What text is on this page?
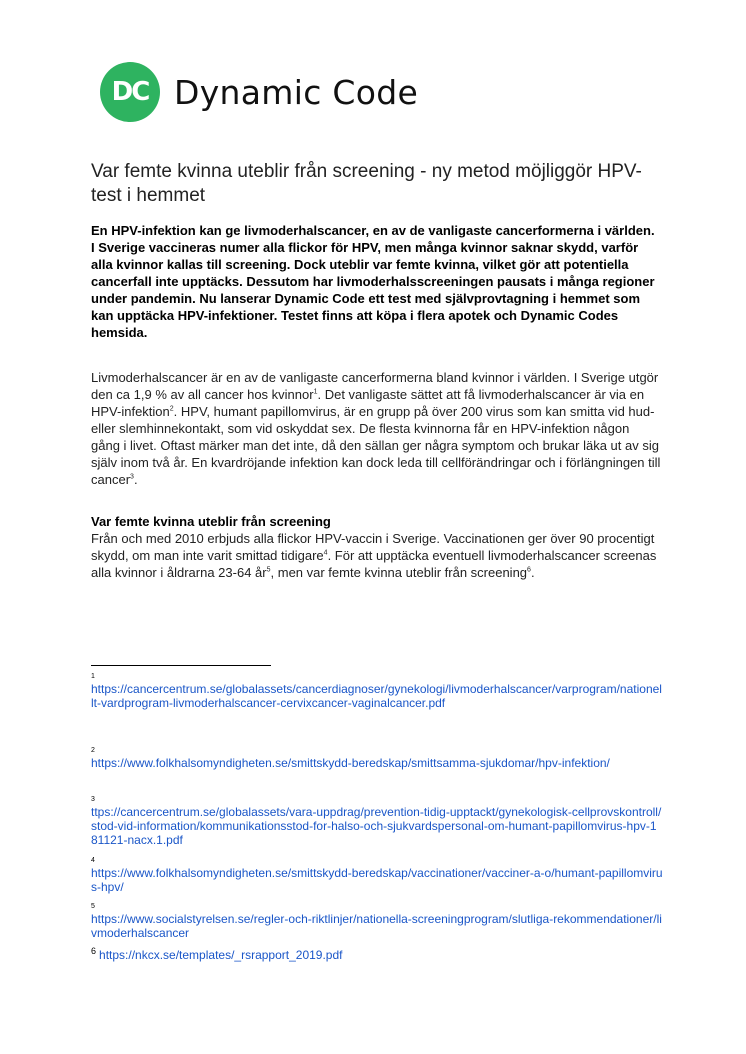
DC Dynamic Code
Var femte kvinna uteblir från screening - ny metod möjliggör HPV-test i hemmet

En HPV-infektion kan ge livmoderhalscancer, en av de vanligaste cancerformerna i världen. I Sverige vaccineras numer alla flickor för HPV, men många kvinnor saknar skydd, varför alla kvinnor kallas till screening. Dock uteblir var femte kvinna, vilket gör att potentiella cancerfall inte upptäcks. Dessutom har livmoderhalsscreeningen pausats i många regioner under pandemin. Nu lanserar Dynamic Code ett test med självprovtagning i hemmet som kan upptäcka HPV-infektioner. Testet finns att köpa i flera apotek och Dynamic Codes hemsida.

Livmoderhalscancer är en av de vanligaste cancerformerna bland kvinnor i världen. I Sverige utgör den ca 1,9 % av all cancer hos kvinnor$^1$. Det vanligaste sättet att få livmoderhalscancer är via en HPV-infektion$^2$. HPV, humant papillomvirus, är en grupp på över 200 virus som kan smitta vid hud- eller slemhinnekontakt, som vid oskyddat sex. De flesta kvinnorna får en HPV-infektion någon gång i livet. Oftast märker man det inte, då den sällan ger några symptom och brukar läka ut av sig själv inom två år. En kvardröjande infektion kan dock leda till cellförändringar och i förlängningen till cancer$^3$.

Var femte kvinna uteblir från screening

Från och med 2010 erbjuds alla flickor HPV-vaccin i Sverige. Vaccinationen ger över 90 procentigt skydd, om man inte varit smittad tidigare$^4$. För att upptäcka eventuell livmoderhalscancer screenas alla kvinnor i åldrarna 23-64 $år^5$, men var femte kvinna uteblir från screening$^6$.

1
https://cancercentrum.se/globalassets/cancerdiagnoser/gynekologi/livmoderhalscancer/varprogram/nationellt-vardprogram-livmoderhalscancer-cervixcancer-vaginalcancer.pdf
2
https://www.folkhalsomyndigheten.se/smittskydd-beredskap/smittsamma-sjukdomar/hpv-infektion/
3
ttps://cancercentrum.se/globalassets/vara-uppdrag/prevention-tidig-upptackt/gynekologisk-cellprovskontroll/stod-vid-information/kommunikationsstod-for-halso-och-sjukvardspersonal-om-humant-papillomvirus-hpv-181121-nacx.1.pdf
4
https://www.folkhalsomyndigheten.se/smittskydd-beredskap/vaccinationer/vacciner-a-o/humant-papillomvirus-hpv/
5
https://www.socialstyrelsen.se/regler-och-riktlinjer/nationella-screeningprogram/slutliga-rekommendationer/livmoderhalscancer
$^6$ https://nkcx.se/templates/_rsrapport_2019.pdf
